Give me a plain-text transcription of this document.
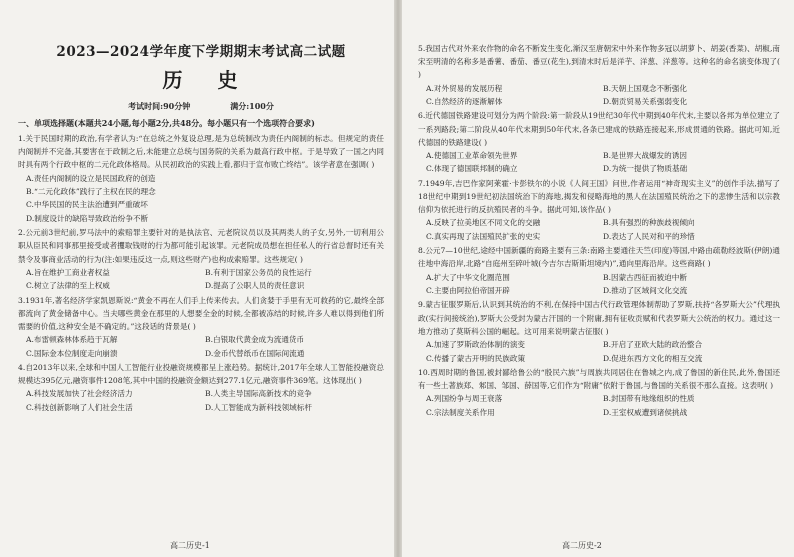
2023—2024学年度下学期期末考试高二试题
历 史
考试时间:90分钟	满分:100分
一、单项选择题(本题共24小题,每小题2分,共48分。每小题只有一个选项符合要求)

1.关于民国时期的政治,有学者认为:“在总统之外复设总理,是为总统制改为责任内阁制的标志。但规定的责任内阁制并不完备,其要害在于政制之后,未能建立总统与国务院的关系为最高行政中枢。于是导致了一国之内同时具有两个行政中枢的二元化政体格局。从民初政治的实践上看,都归于宣布败亡终结”。该学者意在强调( )

A.责任内阁制的设立是民国政府的创造
B.“二元化政体”践行了主权在民的理念
C.中华民国的民主法治遭到严重破坏
D.制度设计的缺陷导致政治纷争不断

2.公元前3世纪前,罗马法中的索赔罪主要针对的是执法官、元老院议员以及其两类人的子女,另外,一切利用公职从臣民和同事那里接受或者攫取钱财的行为都可能引起该罪。元老院成员想在担任私人的行省总督时还有关禁令及事商业活动的行为(注:如果违反这一点,则这些财产)也构成索赔罪。这些规定( )

A.旨在维护工商业者权益	B.有利于国家公务员的良性运行
C.树立了法律的至上权威	D.提高了公职人员的责任意识

3.1931年,著名经济学家凯恩斯说:“黄金不再在人们手上传来传去。人们贪婪于手里有无可救药的它,最终全部都流向了黄金储备中心。当夫哪些黄金在那里的人想要全金的时候,全都被冻结的时候,许多人难以得到他们所需要的价值,这种安全是不确定的。”这段话的背景是( )

A.布雷顿森林体系趋于瓦解	B.白银取代黄金成为流通货币
C.国际金本位制度走向崩溃	D.金币代替纸币在国际间流通

4.自2013年以来,全球和中国人工智能行业投融资规模都呈上涨趋势。据统计,2017年全球人工智能投融资总规模达395亿元,融资事件1208笔,其中中国的投融资金额达到277.1亿元,融资事件369笔。这体现出( )

A.科技发展加快了社会经济活力	B.人类主导国际高新技术的竞争
C.科技创新影响了人们社会生活	D.人工智能成为新科技领域标杆
高二历史-1

5.我国古代对外来农作物的命名不断发生变化,渐汉至唐朝宋中外来作物多冠以胡萝卜、胡姜(香菜)、胡椒,南宋至明清的名称多是番薯、番茄、番豆(花生),到清末时后是洋芋、洋葱、洋葱等。这种名的命名演变体现了( )

A.对外贸易的发展历程	B.天朝上国观念不断强化
C.自然经济的逐渐解体	D.朝贡贸易关系强弱变化

6.近代德国铁路建设可划分为两个阶段:第一阶段从19世纪30年代中期到40年代末,主要以各邦为单位建立了一系列路段;第二阶段从40年代末期到50年代末,各条已建成的铁路连接起来,形成贯通的铁路。据此可知,近代德国的铁路建设( )

A.使德国工业革命领先世界	B.是世界大战爆发的诱因
C.体现了德国联邦制的确立	D.为统一提供了物质基础

7.1949年,吉巴作家阿莱霍·卡彭铁尔的小说《人间王国》问世,作者运用“神奇现实主义”的创作手法,描写了18世纪中期到19世纪初法国统治下的海地,揭发和侵略海地的黑人在法国殖民统治之下的悲惨生活和以宗教信仰为依托进行的反抗殖民者的斗争。据此可知,该作品( )

A.反映了拉美地区不同文化的交融	B.具有强烈的种族歧视倾向
C.真实再现了法国殖民扩张的史实	D.表达了人民对和平的珍惜

8.公元7—10世纪,途经中国新疆的商路主要有三条:南路主要通往天竺(印度)等国,中路由疏勒经波斯(伊朗)通往地中海沿岸,北路“自庭州至碎叶城(今吉尔吉斯斯坦境内)”,通向里海沿岸。这些商路( )

A.扩大了中华文化圈范围	B.因蒙古西征而被迫中断
C.主要由阿拉伯帝国开辟	D.推动了区域间文化交流

9.蒙古征服罗斯后,认识到其统治的不利,在保持中国古代行政管理体制帮助了罗斯,扶持“各罗斯大公”代理执政(实行间接统治),罗斯大公受封为蒙古汗国的一个附庸,拥有征收贡赋和代表罗斯大公统治的权力。通过这一地方推动了莫斯科公国的崛起。这可用来说明蒙古征服( )

A.加速了罗斯政治体制的演变	B.开启了亚欧大陆的政治整合
C.传播了蒙古开明的民族政策	D.促进东西方文化的相互交流

10.西周时期的鲁国,被封鄙给鲁公的“殷民六族”与周族共同居住在鲁城之内,成了鲁国的新住民,此外,鲁国还有一些土著族郑、邾国、邹国、薛国等,它们作为“附庸”依附于鲁国,与鲁国的关系很不那么直接。这表明( )

A.列国纷争与周王衰落	B.封国带有地缘组织的性质
C.宗法制度关系作用	D.王室权威遭到诸侯挑战
高二历史-2
